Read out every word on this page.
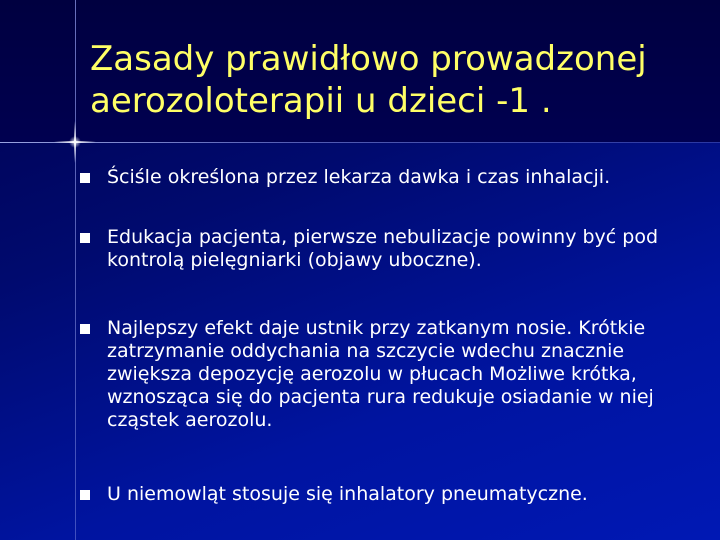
Zasady prawidłowo prowadzonej aerozoloterapii u dzieci -1 .
Ściśle określona przez lekarza dawka i czas inhalacji.
Edukacja pacjenta, pierwsze nebulizacje powinny być pod kontrolą pielęgniarki (objawy uboczne).
Najlepszy efekt daje ustnik przy zatkanym nosie. Krótkie zatrzymanie oddychania na szczycie wdechu znacznie zwiększa depozycję aerozolu w płucach Możliwe krótka, wznosząca się do pacjenta rura redukuje osiadanie w niej cząstek aerozolu.
U niemowląt stosuje się inhalatory pneumatyczne.
